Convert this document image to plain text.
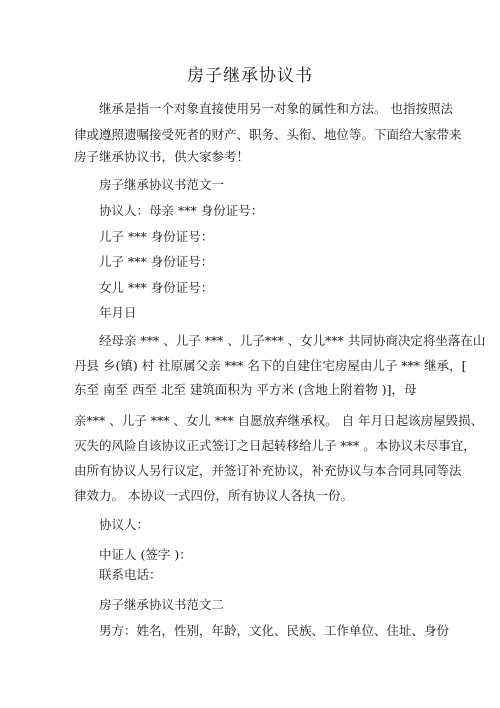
房子继承协议书
继承是指一个对象直接使用另一对象的属性和方法。 也指按照法
律或遵照遗嘱接受死者的财产、职务、头衔、地位等。下面给大家带来
房子继承协议书，供大家参考！
房子继承协议书范文一
协议人：母亲 *** 身份证号：
儿子 *** 身份证号：
儿子 *** 身份证号：
女儿 *** 身份证号：
年月日
经母亲 *** 、儿子 *** 、儿子*** 、女儿*** 共同协商决定将坐落在山
丹县 乡(镇) 村 社原属父亲 *** 名下的自建住宅房屋由儿子 *** 继承，[
东至 南至 西至 北至 建筑面积为 平方米 (含地上附着物 )]，母
亲*** 、儿子 *** 、女儿 *** 自愿放弃继承权。 自 年月日起该房屋毁损、
灭失的风险自该协议正式签订之日起转移给儿子 *** 。本协议未尽事宜，
由所有协议人另行议定，并签订补充协议，补充协议与本合同具同等法
律效力。 本协议一式四份，所有协议人各执一份。
协议人：
中证人 (签字 )：
联系电话：
房子继承协议书范文二
男方：姓名，性别，年龄，文化、民族、工作单位、住址、身份
